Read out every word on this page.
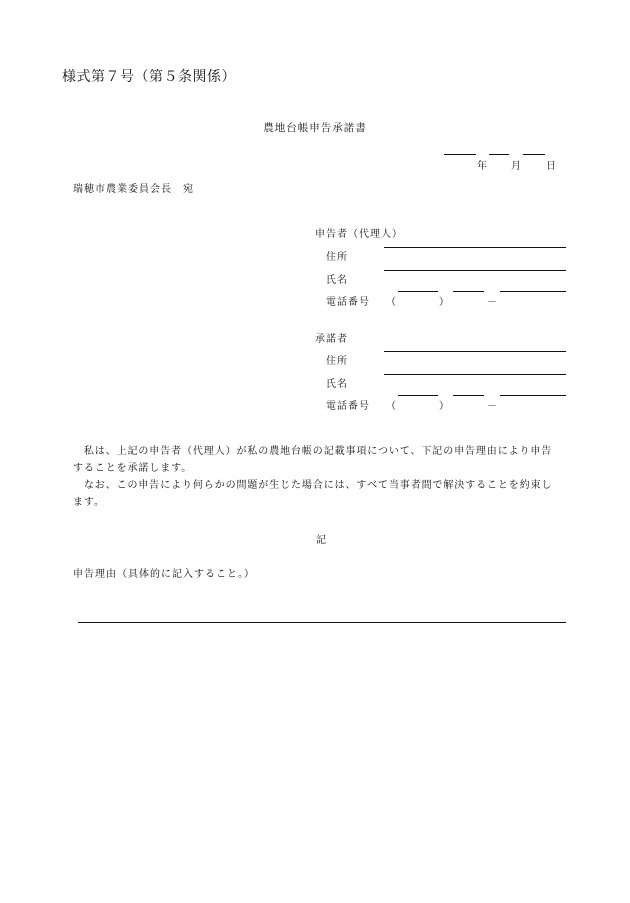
様式第７号（第５条関係）
農地台帳申告承諾書
年 月 日
瑞穂市農業委員会長　宛
申告者（代理人）
住所
氏名
電話番号 （	）	－
承諾者
住所
氏名
電話番号 （	）	－

　私は、上記の申告者（代理人）が私の農地台帳の記載事項について、下記の申告理由により申告することを承諾します。

　なお、この申告により何らかの問題が生じた場合には、すべて当事者間で解決することを約束します。

記
申告理由（具体的に記入すること。）
